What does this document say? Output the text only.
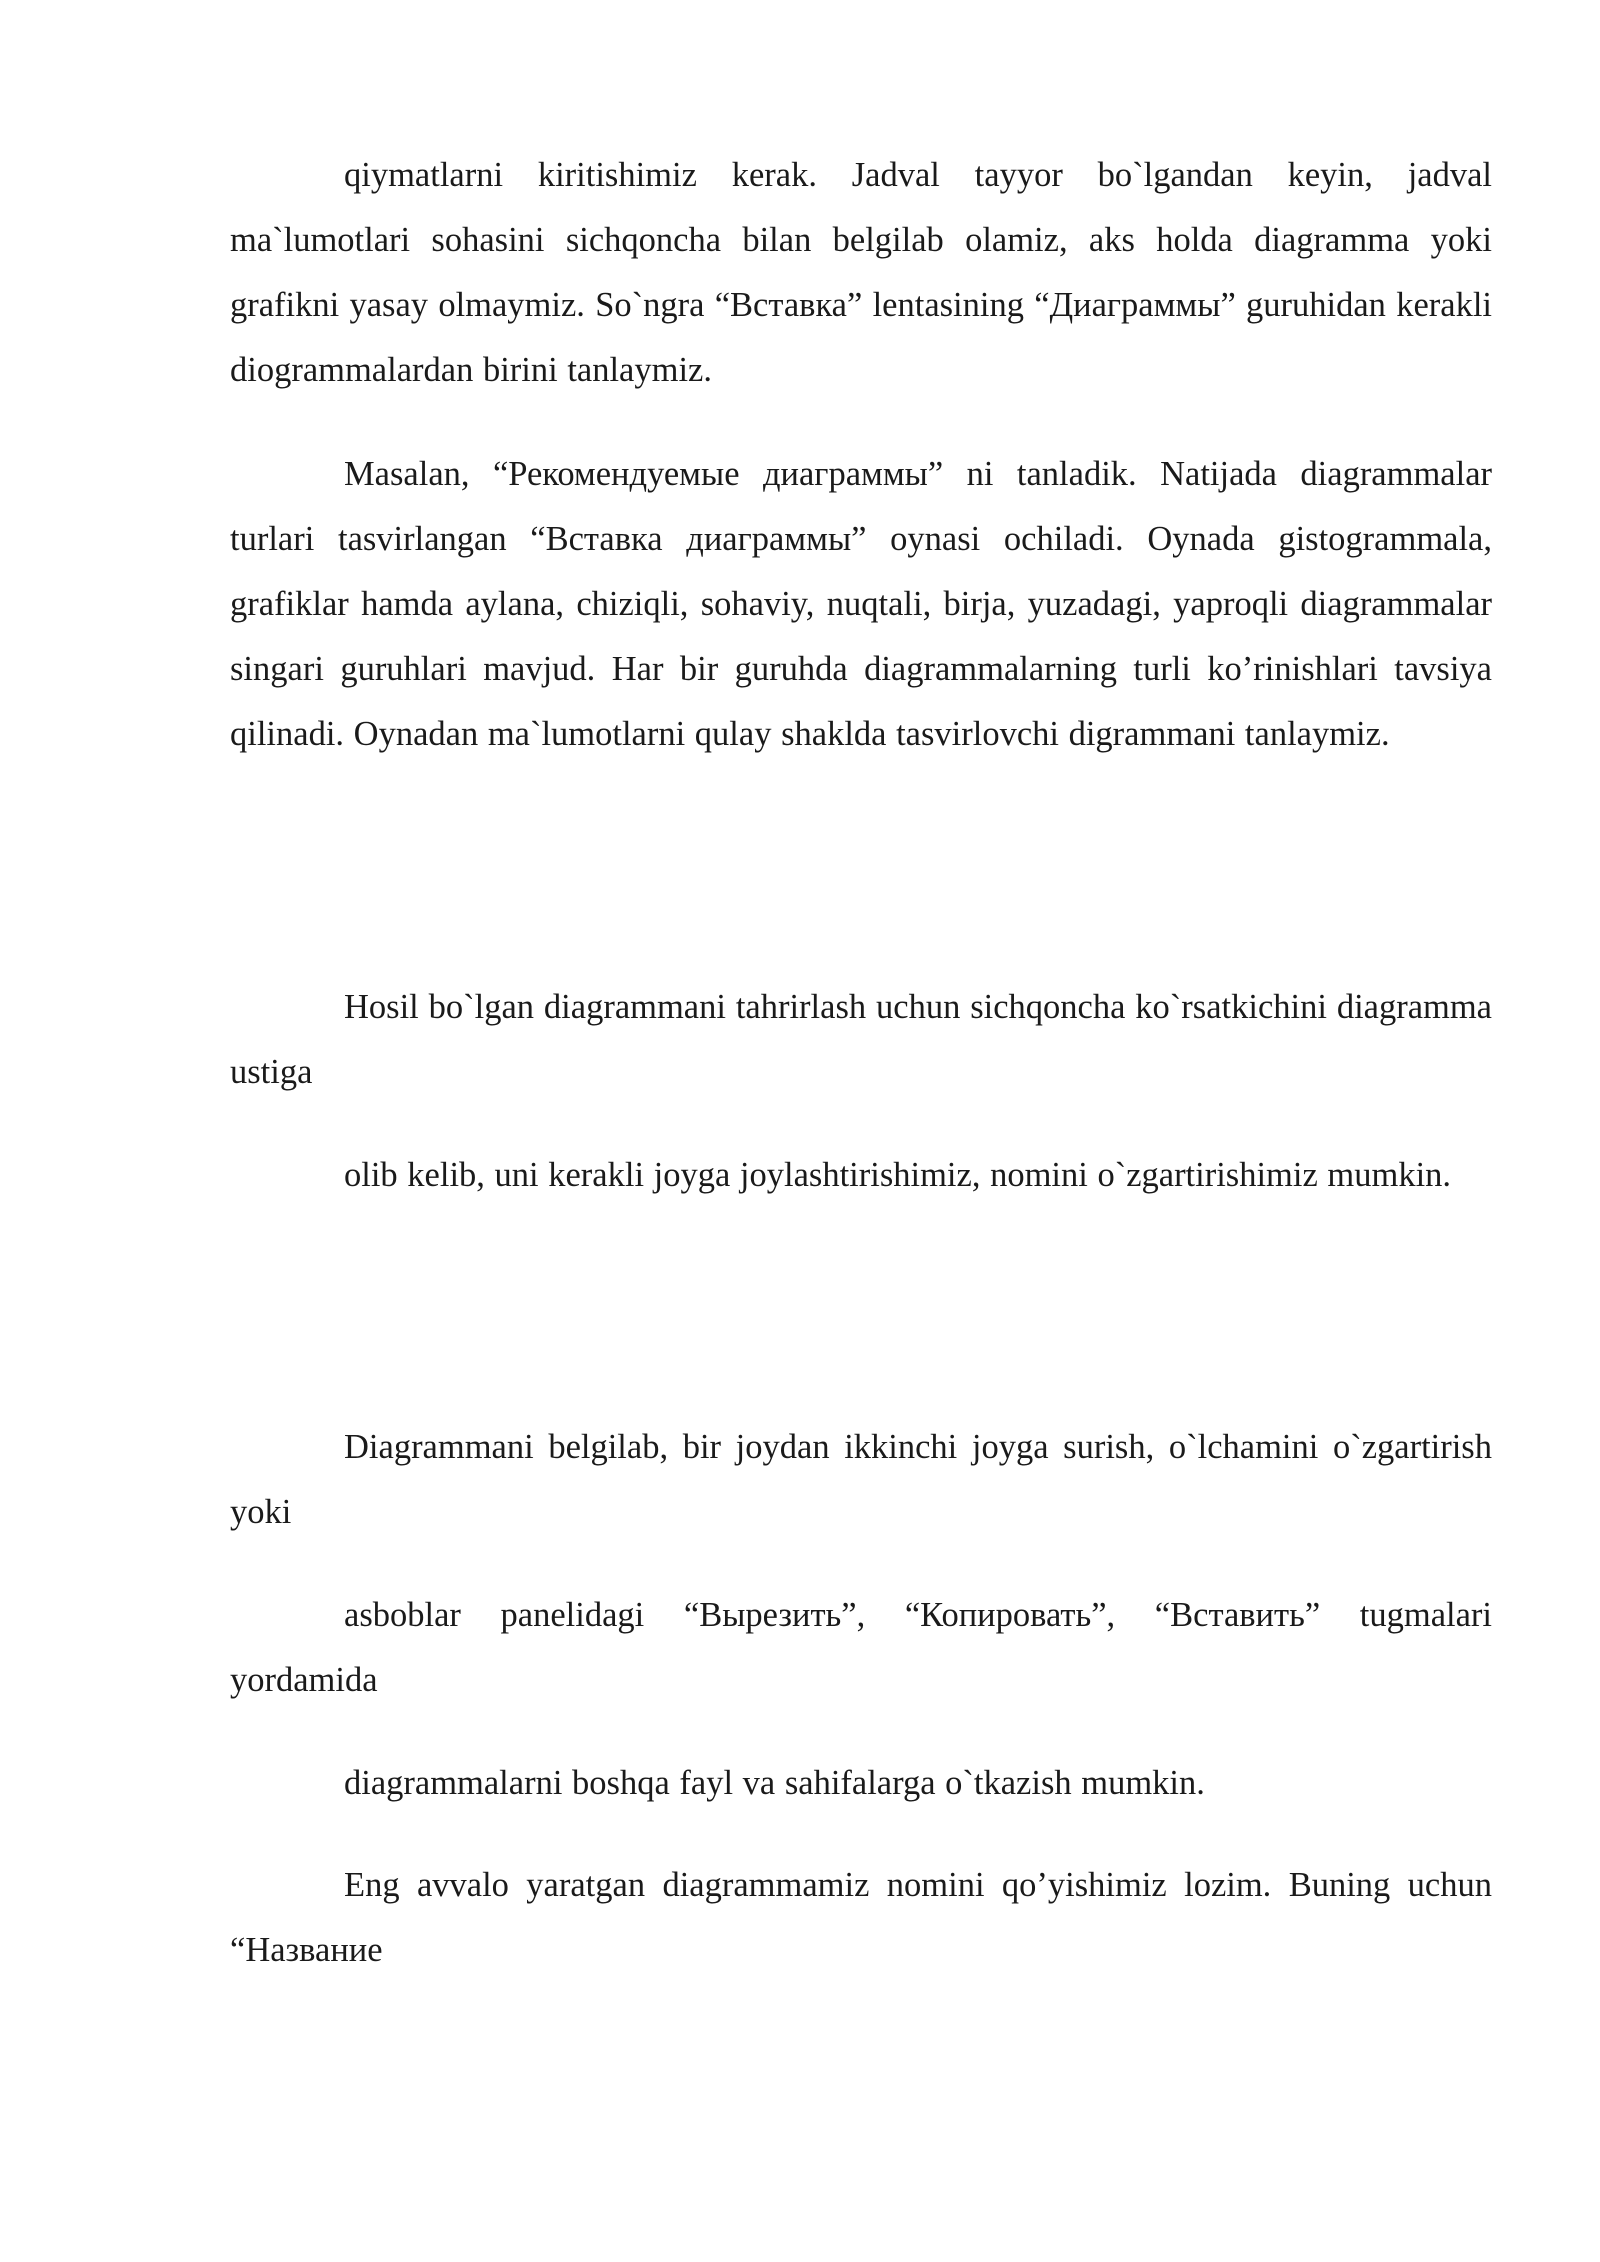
qiymatlarni kiritishimiz kerak. Jadval tayyor bo`lgandan keyin, jadval ma`lumotlari sohasini sichqoncha bilan belgilab olamiz, aks holda diagramma yoki grafikni yasay olmaymiz. So`ngra “Вставка” lentasining “Диаграммы” guruhidan kerakli diogrammalardan birini tanlaymiz.

Masalan, “Рекомендуемые диаграммы” ni tanladik. Natijada diagrammalar turlari tasvirlangan “Вставка диаграммы” oynasi ochiladi. Oynada gistogrammala, grafiklar hamda aylana, chiziqli, sohaviy, nuqtali, birja, yuzadagi, yaproqli diagrammalar singari guruhlari mavjud. Har bir guruhda diagrammalarning turli ko’rinishlari tavsiya qilinadi. Oynadan ma`lumotlarni qulay shaklda tasvirlovchi digrammani tanlaymiz.

Hosil bo`lgan diagrammani tahrirlash uchun sichqoncha ko`rsatkichini diagramma ustiga

olib kelib, uni kerakli joyga joylashtirishimiz, nomini o`zgartirishimiz mumkin.

Diagrammani belgilab, bir joydan ikkinchi joyga surish, o`lchamini o`zgartirish yoki

asboblar panelidagi “Вырезить”, “Копировать”, “Вставить” tugmalari yordamida

diagrammalarni boshqa fayl va sahifalarga o`tkazish mumkin.

Eng avvalo yaratgan diagrammamiz nomini qo’yishimiz lozim. Buning uchun “Название
